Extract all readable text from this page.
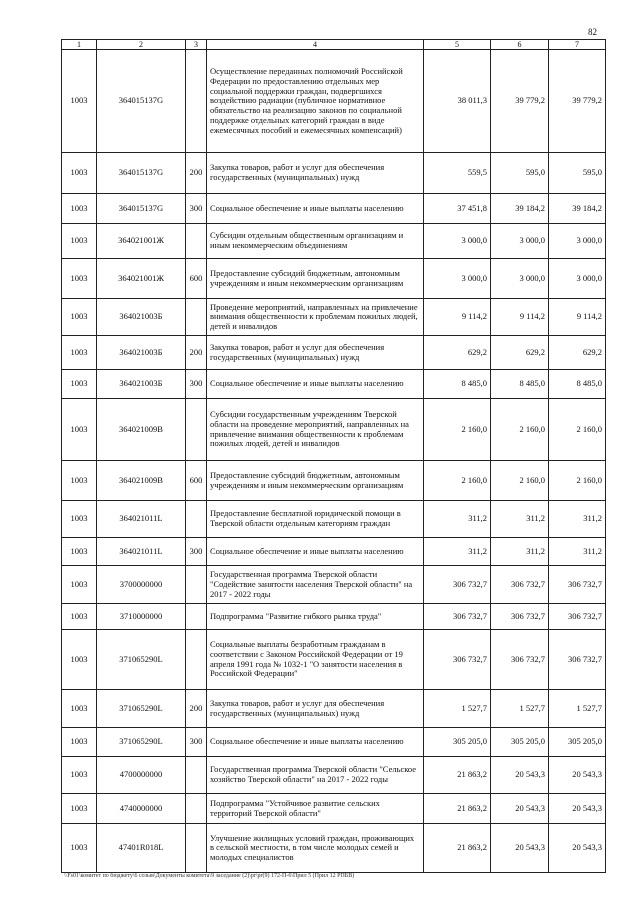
82
1	2	3	4	5	6	7
1003	364015137G		Осуществление переданных полномочий Российской Федерации по предоставлению отдельных мер социальной поддержки граждан, подвергшихся воздействию радиации (публичное нормативное обязательство на реализацию законов по социальной поддержке отдельных категорий граждан в виде ежемесячных пособий и ежемесячных компенсаций)	38 011,3	39 779,2	39 779,2
1003	364015137G	200	Закупка товаров, работ и услуг для обеспечения государственных (муниципальных) нужд	559,5	595,0	595,0
1003	364015137G	300	Социальное обеспечение и иные выплаты населению	37 451,8	39 184,2	39 184,2
1003	364021001Ж		Субсидии отдельным общественным организациям и иным некоммерческим объединениям	3 000,0	3 000,0	3 000,0
1003	364021001Ж	600	Предоставление субсидий бюджетным, автономным учреждениям и иным некоммерческим организациям	3 000,0	3 000,0	3 000,0
1003	364021003Б		Проведение мероприятий, направленных на привлечение внимания общественности к проблемам пожилых людей, детей и инвалидов	9 114,2	9 114,2	9 114,2
1003	364021003Б	200	Закупка товаров, работ и услуг для обеспечения государственных (муниципальных) нужд	629,2	629,2	629,2
1003	364021003Б	300	Социальное обеспечение и иные выплаты населению	8 485,0	8 485,0	8 485,0
1003	364021009В		Субсидии государственным учреждениям Тверской области на проведение мероприятий, направленных на привлечение внимания общественности к проблемам пожилых людей, детей и инвалидов	2 160,0	2 160,0	2 160,0
1003	364021009В	600	Предоставление субсидий бюджетным, автономным учреждениям и иным некоммерческим организациям	2 160,0	2 160,0	2 160,0
1003	364021011L		Предоставление бесплатной юридической помощи в Тверской области отдельным категориям граждан	311,2	311,2	311,2
1003	364021011L	300	Социальное обеспечение и иные выплаты населению	311,2	311,2	311,2
1003	3700000000		Государственная программа Тверской области "Содействие занятости населения Тверской области" на 2017 - 2022 годы	306 732,7	306 732,7	306 732,7
1003	3710000000		Подпрограмма "Развитие гибкого рынка труда"	306 732,7	306 732,7	306 732,7
1003	371065290L		Социальные выплаты безработным гражданам в соответствии с Законом Российской Федерации от 19 апреля 1991 года № 1032-1 "О занятости населения в Российской Федерации"	306 732,7	306 732,7	306 732,7
1003	371065290L	200	Закупка товаров, работ и услуг для обеспечения государственных (муниципальных) нужд	1 527,7	1 527,7	1 527,7
1003	371065290L	300	Социальное обеспечение и иные выплаты населению	305 205,0	305 205,0	305 205,0
1003	4700000000		Государственная программа Тверской области "Сельское хозяйство Тверской области" на 2017 - 2022 годы	21 863,2	20 543,3	20 543,3
1003	4740000000		Подпрограмма "Устойчивое развитие сельских территорий Тверской области"	21 863,2	20 543,3	20 543,3
1003	47401R018L		Улучшение жилищных условий граждан, проживающих в сельской местности, в том числе молодых семей и молодых специалистов	21 863,2	20 543,3	20 543,3
\\Fs01\комитет по бюджету\6 созыв\Документы комитета\9 заседание (2)\pr\pr(9) 172-П-6\Прил 5 (Прил 12 РПБВ)
